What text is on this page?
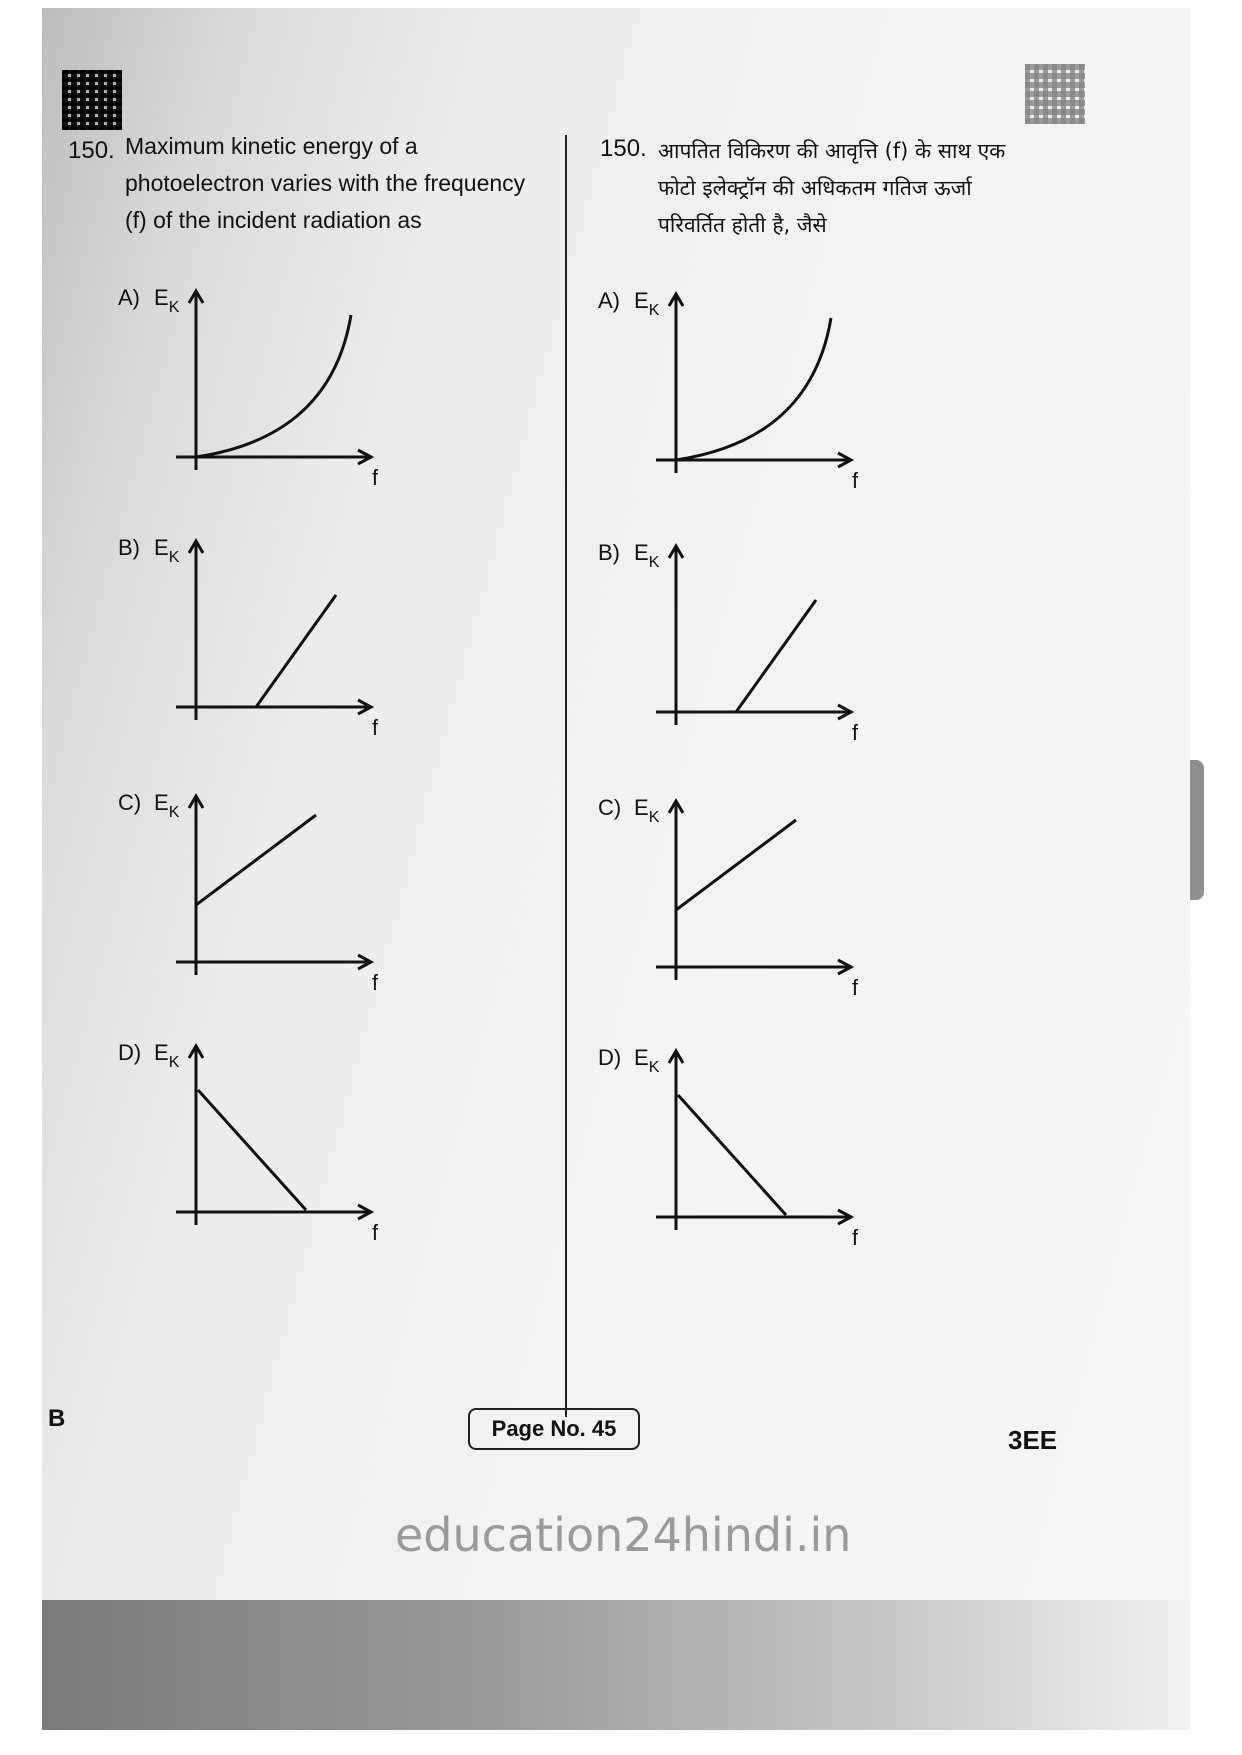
150. Maximum kinetic energy of a
photoelectron varies with the frequency
(f) of the incident radiation as
150. आपतित विकिरण की आवृत्ति (f) के साथ एक
फोटो इलेक्ट्रॉन की अधिकतम गतिज ऊर्जा
परिवर्तित होती है, जैसे
A) $E_K$
f
B) $E_K$
f
C) $E_K$
f
D) $E_K$
f
A) $E_K$
f
B) $E_K$
f
C) $E_K$
f
D) $E_K$
f
B	Page No. 45	3EE
education24hindi.in
